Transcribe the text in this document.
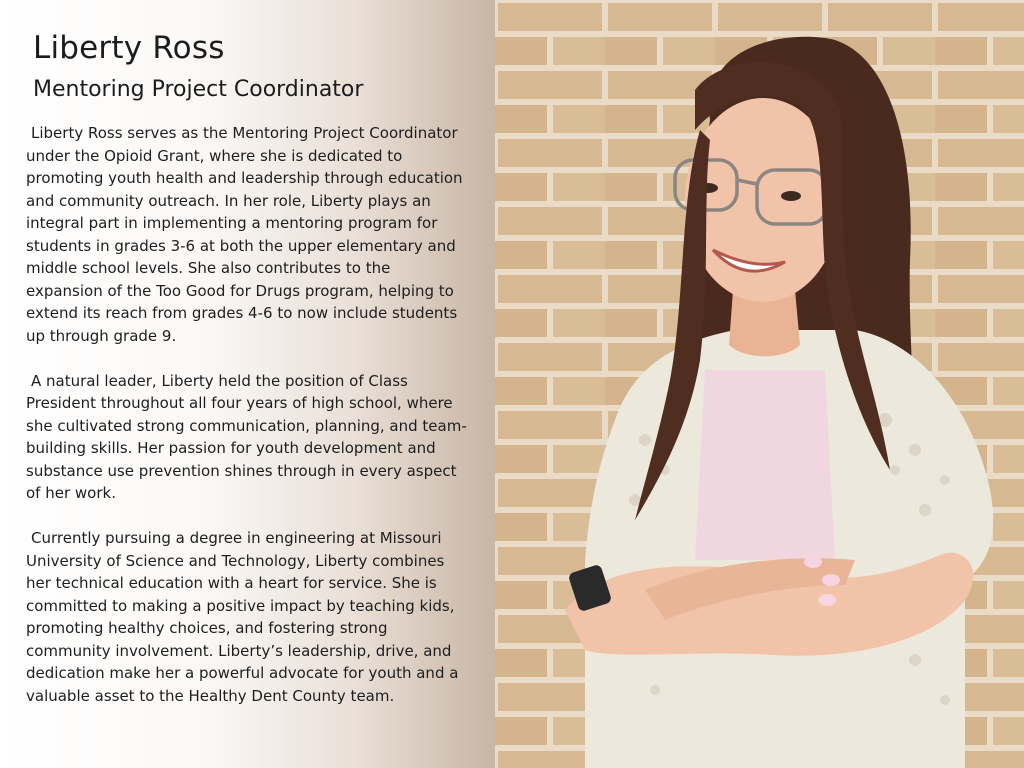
Liberty Ross
Mentoring Project Coordinator

Liberty Ross serves as the Mentoring Project Coordinator under the Opioid Grant, where she is dedicated to promoting youth health and leadership through education and community outreach. In her role, Liberty plays an integral part in implementing a mentoring program for students in grades 3-6 at both the upper elementary and middle school levels. She also contributes to the expansion of the Too Good for Drugs program, helping to extend its reach from grades 4-6 to now include students up through grade 9.

A natural leader, Liberty held the position of Class President throughout all four years of high school, where she cultivated strong communication, planning, and team-building skills. Her passion for youth development and substance use prevention shines through in every aspect of her work.

Currently pursuing a degree in engineering at Missouri University of Science and Technology, Liberty combines her technical education with a heart for service. She is committed to making a positive impact by teaching kids, promoting healthy choices, and fostering strong community involvement. Liberty’s leadership, drive, and dedication make her a powerful advocate for youth and a valuable asset to the Healthy Dent County team.
